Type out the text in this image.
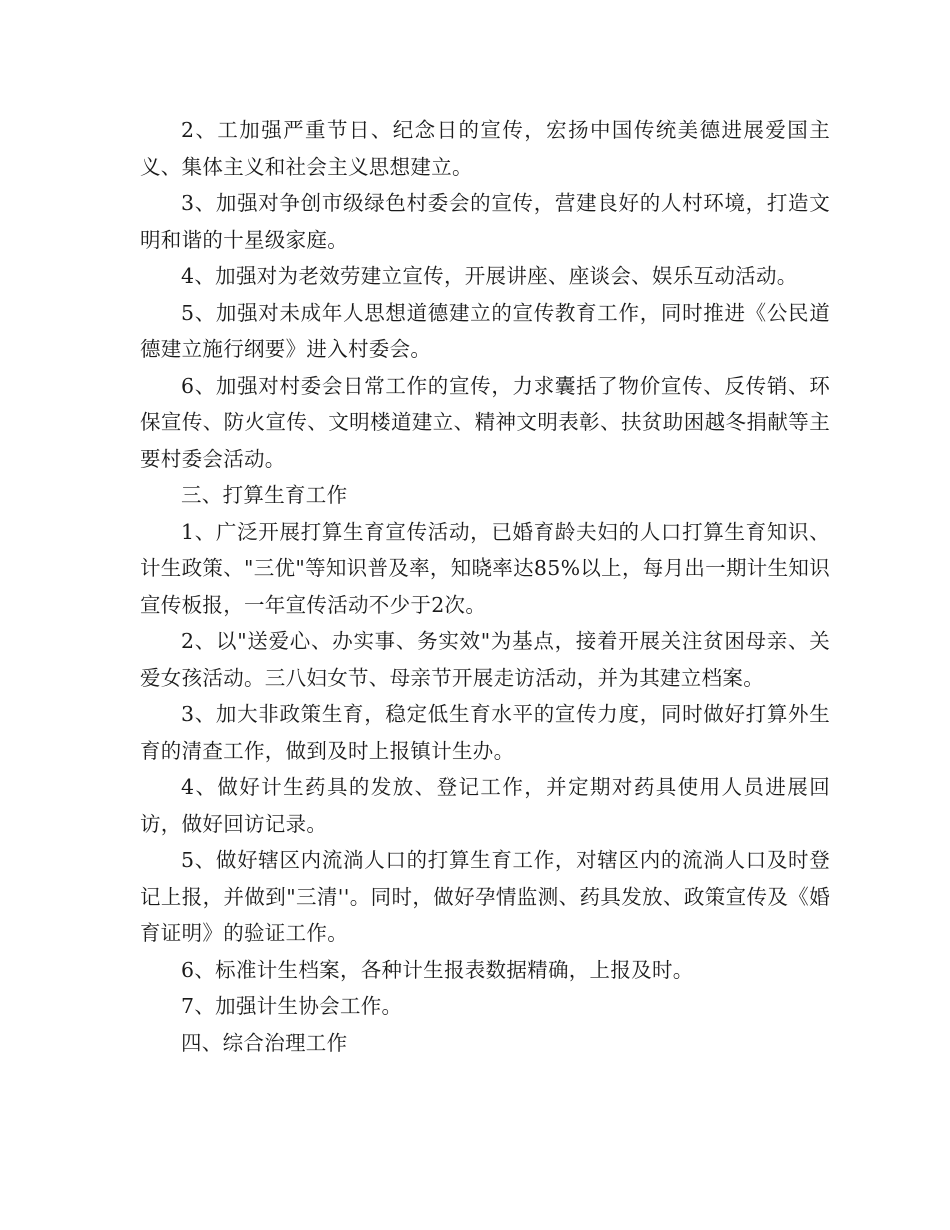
2、工加强严重节日、纪念日的宣传，宏扬中国传统美德进展爱国主义、集体主义和社会主义思想建立。

3、加强对争创市级绿色村委会的宣传，营建良好的人村环境，打造文明和谐的十星级家庭。

4、加强对为老效劳建立宣传，开展讲座、座谈会、娱乐互动活动。

5、加强对未成年人思想道德建立的宣传教育工作，同时推进《公民道德建立施行纲要》进入村委会。

6、加强对村委会日常工作的宣传，力求囊括了物价宣传、反传销、环保宣传、防火宣传、文明楼道建立、精神文明表彰、扶贫助困越冬捐献等主要村委会活动。

三、打算生育工作

1、广泛开展打算生育宣传活动，已婚育龄夫妇的人口打算生育知识、计生政策、"三优"等知识普及率，知晓率达85%以上，每月出一期计生知识宣传板报，一年宣传活动不少于2次。

2、以"送爱心、办实事、务实效"为基点，接着开展关注贫困母亲、关爱女孩活动。三八妇女节、母亲节开展走访活动，并为其建立档案。

3、加大非政策生育，稳定低生育水平的宣传力度，同时做好打算外生育的清查工作，做到及时上报镇计生办。

4、做好计生药具的发放、登记工作，并定期对药具使用人员进展回访，做好回访记录。

5、做好辖区内流淌人口的打算生育工作，对辖区内的流淌人口及时登记上报，并做到"三清''。同时，做好孕情监测、药具发放、政策宣传及《婚育证明》的验证工作。

6、标准计生档案，各种计生报表数据精确，上报及时。

7、加强计生协会工作。

四、综合治理工作
